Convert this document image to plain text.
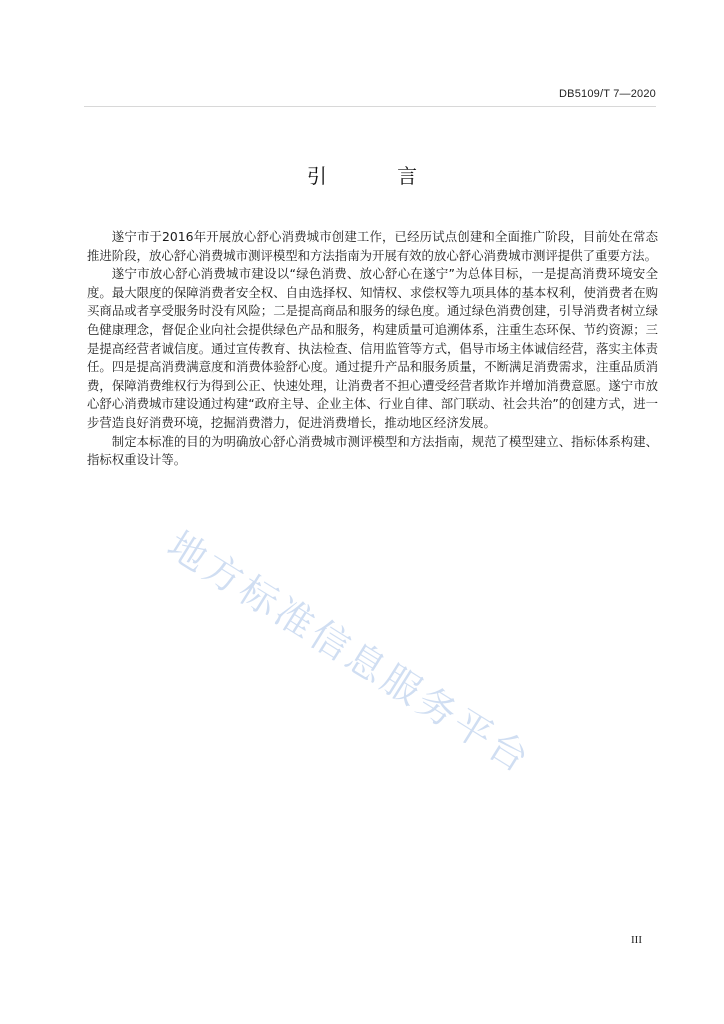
DB5109/T 7—2020
引 言

遂宁市于2016年开展放心舒心消费城市创建工作，已经历试点创建和全面推广阶段，目前处在常态推进阶段，放心舒心消费城市测评模型和方法指南为开展有效的放心舒心消费城市测评提供了重要方法。

遂宁市放心舒心消费城市建设以“绿色消费、放心舒心在遂宁”为总体目标，一是提高消费环境安全度。最大限度的保障消费者安全权、自由选择权、知情权、求偿权等九项具体的基本权利，使消费者在购买商品或者享受服务时没有风险；二是提高商品和服务的绿色度。通过绿色消费创建，引导消费者树立绿色健康理念，督促企业向社会提供绿色产品和服务，构建质量可追溯体系，注重生态环保、节约资源；三是提高经营者诚信度。通过宣传教育、执法检查、信用监管等方式，倡导市场主体诚信经营，落实主体责任。四是提高消费满意度和消费体验舒心度。通过提升产品和服务质量，不断满足消费需求，注重品质消费，保障消费维权行为得到公正、快速处理，让消费者不担心遭受经营者欺诈并增加消费意愿。遂宁市放心舒心消费城市建设通过构建“政府主导、企业主体、行业自律、部门联动、社会共治”的创建方式，进一步营造良好消费环境，挖掘消费潜力，促进消费增长，推动地区经济发展。

制定本标准的目的为明确放心舒心消费城市测评模型和方法指南，规范了模型建立、指标体系构建、指标权重设计等。

地方标准信息服务平台
III
